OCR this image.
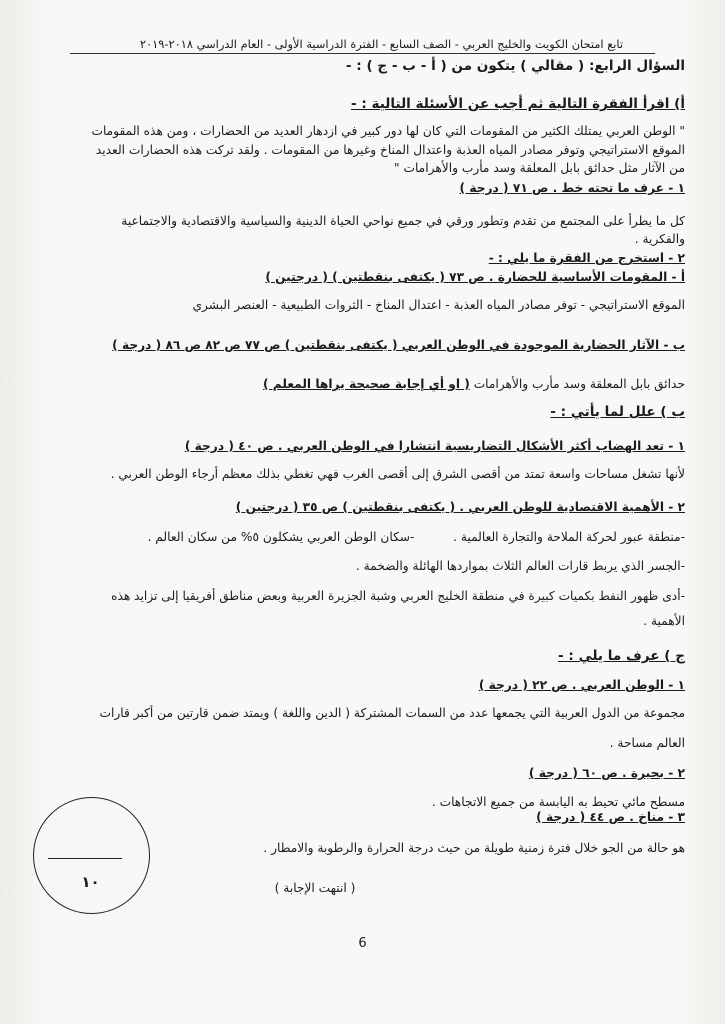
تابع امتحان الكويت والخليج العربي - الصف السابع - الفترة الدراسية الأولى - العام الدراسي ٢٠١٨-٢٠١٩
السؤال الرابع: ( مقالي ) يتكون من ( أ - ب - ج ) : -
أ) اقرأ الفقرة التالية ثم أجب عن الأسئلة التالية : -
" الوطن العربي يمتلك الكثير من المقومات التي كان لها دور كبير في ازدهار العديد من الحضارات ، ومن هذه المقومات
الموقع الاستراتيجي وتوفر مصادر المياه العذبة واعتدال المناخ وغيرها من المقومات . ولقد تركت هذه الحضارات العديد
من الآثار مثل حدائق بابل المعلقة وسد مأرب والأهرامات "
١ - عرف ما تحته خط . ص ٧١ ( درجة )
كل ما يطرأ على المجتمع من تقدم وتطور ورقي في جميع نواحي الحياة الدينية والسياسية والاقتصادية والاجتماعية
والفكرية .
٢ - استخرج من الفقرة ما يلي : -
أ - المقومات الأساسية للحضارة . ص ٧٣ ( يكتفى بنقطتين ) ( درجتين )
الموقع الاستراتيجي - توفر مصادر المياه العذبة - اعتدال المناخ - الثروات الطبيعية - العنصر البشري
ب - الآثار الحضارية الموجودة في الوطن العربي ( يكتفى بنقطتين ) ص ٧٧ ص ٨٢ ص ٨٦ ( درجة )
حدائق بابل المعلقة وسد مأرب والأهرامات ( او أي إجابة صحيحة يراها المعلم )
ب ) علل لما يأتي : -
١ - تعد الهضاب أكثر الأشكال التضاريسية انتشارا في الوطن العربي . ص ٤٠ ( درجة )
لأنها تشغل مساحات واسعة تمتد من أقصى الشرق إلى أقصى الغرب فهي تغطي بذلك معظم أرجاء الوطن العربي .
٢ - الأهمية الاقتصادية للوطن العربي . ( يكتفى بنقطتين ) ص ٣٥ ( درجتين )
-منطقة عبور لحركة الملاحة والتجارة العالمية .          -سكان الوطن العربي يشكلون ٥% من سكان العالم .
-الجسر الذي يربط قارات العالم الثلاث بمواردها الهائلة والضخمة .
-أدى ظهور النفط بكميات كبيرة في منطقة الخليج العربي وشبة الجزيرة العربية وبعض مناطق أفريقيا إلى تزايد هذه
الأهمية .
ج ) عرف ما يلي : -
١ - الوطن العربي . ص ٢٢ ( درجة )
مجموعة من الدول العربية التي يجمعها عدد من السمات المشتركة ( الدين واللغة ) ويمتد ضمن قارتين من أكبر قارات
العالم مساحة .
٢ - بحيرة . ص ٦٠ ( درجة )
مسطح مائي تحيط به اليابسة من جميع الاتجاهات .
٣ - مناخ . ص ٤٤ ( درجة )
هو حالة من الجو خلال فترة زمنية طويلة من حيث درجة الحرارة والرطوبة والامطار .
( انتهت الإجابة )
١٠
6
